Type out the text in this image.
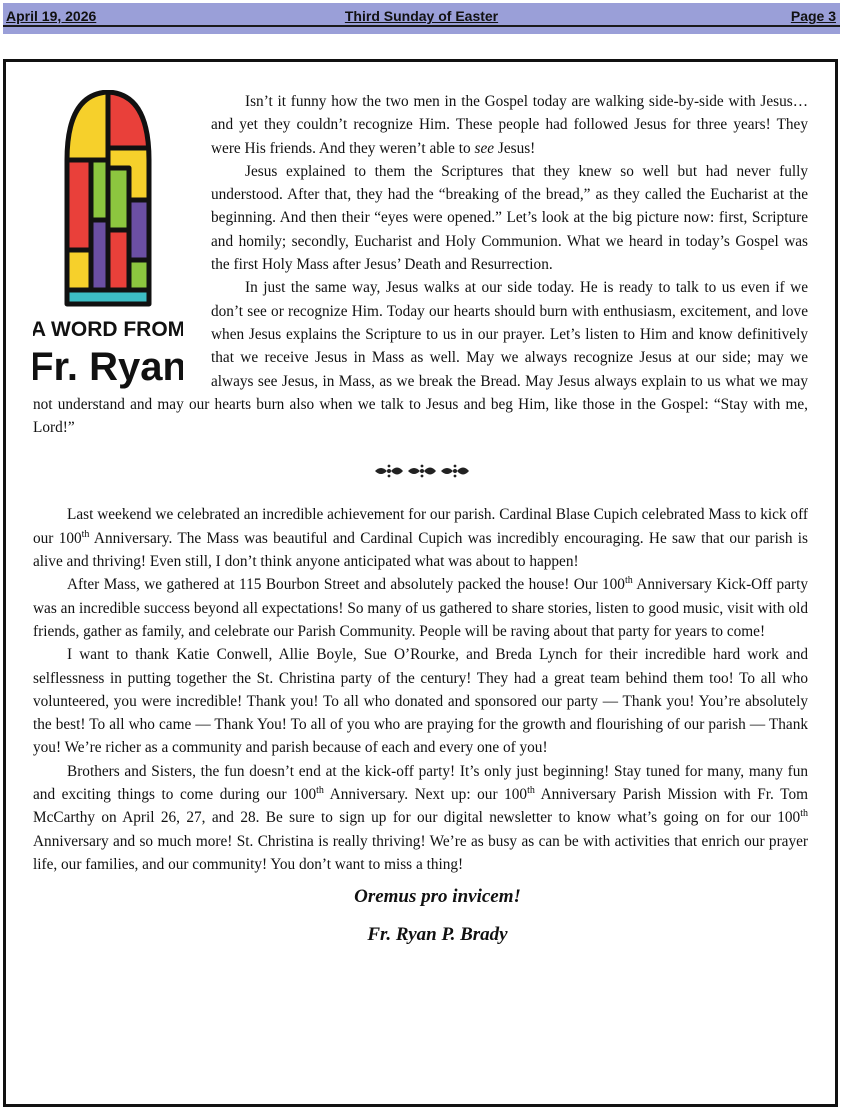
April 19, 2026	Third Sunday of Easter	Page 3
A WORD FROM
Fr. Ryan

Isn’t it funny how the two men in the Gospel today are walking side-by-side with Jesus… and yet they couldn’t recognize Him. These people had followed Jesus for three years! They were His friends. And they weren’t able to see Jesus!

Jesus explained to them the Scriptures that they knew so well but had never fully understood. After that, they had the “breaking of the bread,” as they called the Eucharist at the beginning. And then their “eyes were opened.” Let’s look at the big picture now: first, Scripture and homily; secondly, Eucharist and Holy Communion. What we heard in today’s Gospel was the first Holy Mass after Jesus’ Death and Resurrection.

In just the same way, Jesus walks at our side today. He is ready to talk to us even if we don’t see or recognize Him. Today our hearts should burn with enthusiasm, excitement, and love when Jesus explains the Scripture to us in our prayer. Let’s listen to Him and know definitively that we receive Jesus in Mass as well. May we always recognize Jesus at our side; may we always see Jesus, in Mass, as we break the Bread. May Jesus always explain to us what we may not understand and may our hearts burn also when we talk to Jesus and beg Him, like those in the Gospel: “Stay with me, Lord!”

Last weekend we celebrated an incredible achievement for our parish. Cardinal Blase Cupich celebrated Mass to kick off our 100th Anniversary. The Mass was beautiful and Cardinal Cupich was incredibly encouraging. He saw that our parish is alive and thriving! Even still, I don’t think anyone anticipated what was about to happen!

After Mass, we gathered at 115 Bourbon Street and absolutely packed the house! Our 100th Anniversary Kick-Off party was an incredible success beyond all expectations! So many of us gathered to share stories, listen to good music, visit with old friends, gather as family, and celebrate our Parish Community. People will be raving about that party for years to come!

I want to thank Katie Conwell, Allie Boyle, Sue O’Rourke, and Breda Lynch for their incredible hard work and selflessness in putting together the St. Christina party of the century! They had a great team behind them too! To all who volunteered, you were incredible! Thank you! To all who donated and sponsored our party — Thank you! You’re absolutely the best! To all who came — Thank You! To all of you who are praying for the growth and flourishing of our parish — Thank you! We’re richer as a community and parish because of each and every one of you!

Brothers and Sisters, the fun doesn’t end at the kick-off party! It’s only just beginning! Stay tuned for many, many fun and exciting things to come during our 100th Anniversary. Next up: our 100th Anniversary Parish Mission with Fr. Tom McCarthy on April 26, 27, and 28. Be sure to sign up for our digital newsletter to know what’s going on for our 100th Anniversary and so much more! St. Christina is really thriving! We’re as busy as can be with activities that enrich our prayer life, our families, and our community! You don’t want to miss a thing!

Oremus pro invicem!

Fr. Ryan P. Brady
